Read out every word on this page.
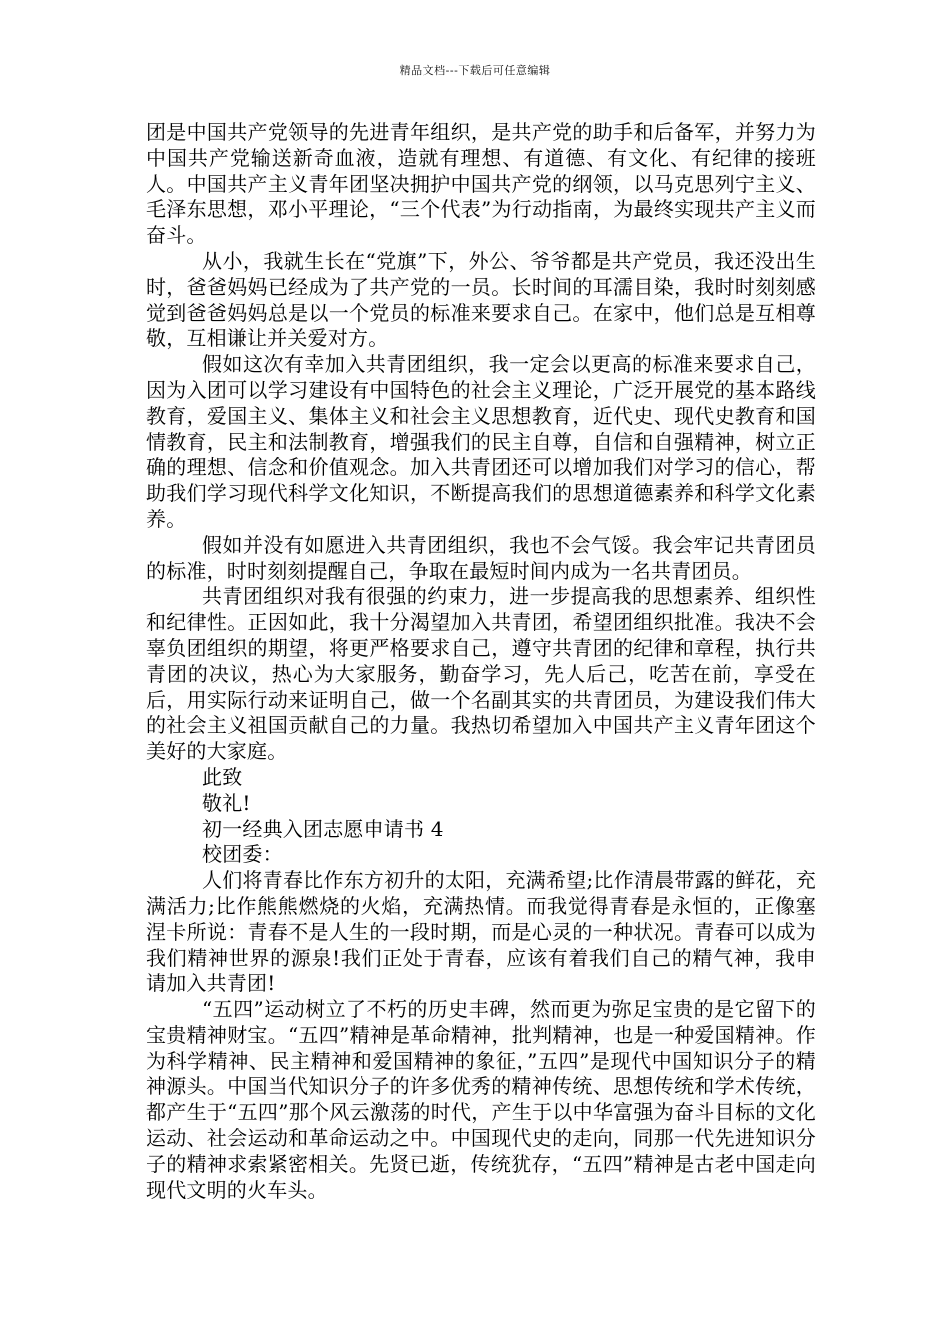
精品文档---下载后可任意编辑

团是中国共产党领导的先进青年组织，是共产党的助手和后备军，并努力为中国共产党输送新奇血液，造就有理想、有道德、有文化、有纪律的接班人。中国共产主义青年团坚决拥护中国共产党的纲领，以马克思列宁主义、毛泽东思想，邓小平理论，“三个代表”为行动指南，为最终实现共产主义而奋斗。

从小，我就生长在“党旗”下，外公、爷爷都是共产党员，我还没出生时，爸爸妈妈已经成为了共产党的一员。长时间的耳濡目染，我时时刻刻感觉到爸爸妈妈总是以一个党员的标准来要求自己。在家中，他们总是互相尊敬，互相谦让并关爱对方。

假如这次有幸加入共青团组织，我一定会以更高的标准来要求自己，因为入团可以学习建设有中国特色的社会主义理论，广泛开展党的基本路线教育，爱国主义、集体主义和社会主义思想教育，近代史、现代史教育和国情教育，民主和法制教育，增强我们的民主自尊，自信和自强精神，树立正确的理想、信念和价值观念。加入共青团还可以增加我们对学习的信心，帮助我们学习现代科学文化知识，不断提高我们的思想道德素养和科学文化素养。

假如并没有如愿进入共青团组织，我也不会气馁。我会牢记共青团员的标准，时时刻刻提醒自己，争取在最短时间内成为一名共青团员。

共青团组织对我有很强的约束力，进一步提高我的思想素养、组织性和纪律性。正因如此，我十分渴望加入共青团，希望团组织批准。我决不会辜负团组织的期望，将更严格要求自己，遵守共青团的纪律和章程，执行共青团的决议，热心为大家服务，勤奋学习，先人后己，吃苦在前，享受在后，用实际行动来证明自己，做一个名副其实的共青团员，为建设我们伟大的社会主义祖国贡献自己的力量。我热切希望加入中国共产主义青年团这个美好的大家庭。

此致

敬礼!

初一经典入团志愿申请书 4

校团委：

人们将青春比作东方初升的太阳，充满希望;比作清晨带露的鲜花，充满活力;比作熊熊燃烧的火焰，充满热情。而我觉得青春是永恒的，正像塞涅卡所说：青春不是人生的一段时期，而是心灵的一种状况。青春可以成为我们精神世界的源泉!我们正处于青春，应该有着我们自己的精气神，我申请加入共青团!

“五四”运动树立了不朽的历史丰碑，然而更为弥足宝贵的是它留下的宝贵精神财宝。“五四”精神是革命精神，批判精神，也是一种爱国精神。作为科学精神、民主精神和爱国精神的象征，”五四”是现代中国知识分子的精神源头。中国当代知识分子的许多优秀的精神传统、思想传统和学术传统，都产生于“五四”那个风云激荡的时代，产生于以中华富强为奋斗目标的文化运动、社会运动和革命运动之中。中国现代史的走向，同那一代先进知识分子的精神求索紧密相关。先贤已逝，传统犹存，“五四”精神是古老中国走向现代文明的火车头。
